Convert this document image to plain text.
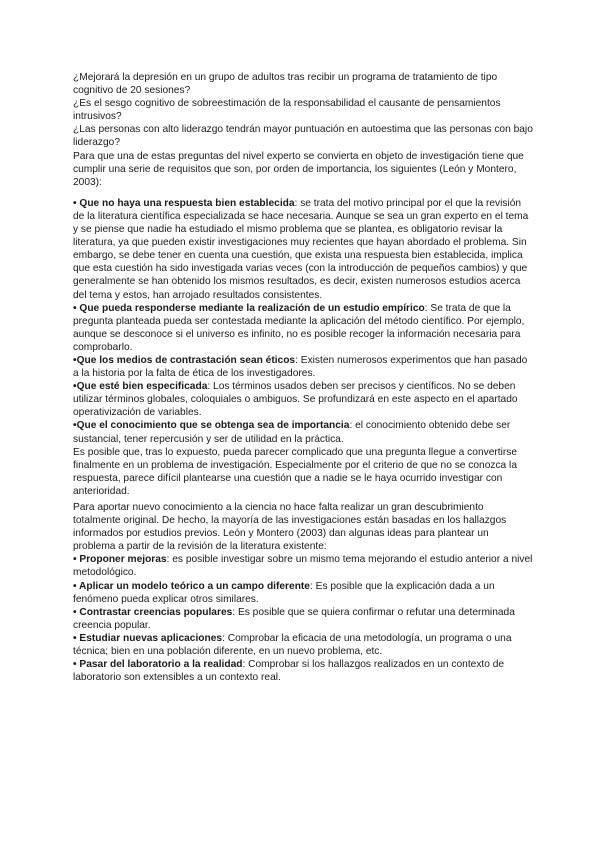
¿Mejorará la depresión en un grupo de adultos tras recibir un programa de tratamiento de tipo cognitivo de 20 sesiones?

¿Es el sesgo cognitivo de sobreestimación de la responsabilidad el causante de pensamientos intrusivos?

¿Las personas con alto liderazgo tendrán mayor puntuación en autoestima que las personas con bajo liderazgo?

Para que una de estas preguntas del nivel experto se convierta en objeto de investigación tiene que cumplir una serie de requisitos que son, por orden de importancia, los siguientes (León y Montero, 2003):

• Que no haya una respuesta bien establecida: se trata del motivo principal por el que la revisión de la literatura científica especializada se hace necesaria. Aunque se sea un gran experto en el tema y se piense que nadie ha estudiado el mismo problema que se plantea, es obligatorio revisar la literatura, ya que pueden existir investigaciones muy recientes que hayan abordado el problema. Sin embargo, se debe tener en cuenta una cuestión, que exista una respuesta bien establecida, implica que esta cuestión ha sido investigada varias veces (con la introducción de pequeños cambios) y que generalmente se han obtenido los mismos resultados, es decir, existen numerosos estudios acerca del tema y estos, han arrojado resultados consistentes.

• Que pueda responderse mediante la realización de un estudio empírico: Se trata de que la pregunta planteada pueda ser contestada mediante la aplicación del método científico. Por ejemplo, aunque se desconoce si el universo es infinito, no es posible recoger la información necesaria para comprobarlo.

•Que los medios de contrastación sean éticos: Existen numerosos experimentos que han pasado a la historia por la falta de ética de los investigadores.

•Que esté bien especificada: Los términos usados deben ser precisos y científicos. No se deben utilizar términos globales, coloquiales o ambiguos. Se profundizará en este aspecto en el apartado operativización de variables.

•Que el conocimiento que se obtenga sea de importancia: el conocimiento obtenido debe ser sustancial, tener repercusión y ser de utilidad en la práctica.

Es posible que, tras lo expuesto, pueda parecer complicado que una pregunta llegue a convertirse finalmente en un problema de investigación. Especialmente por el criterio de que no se conozca la respuesta, parece difícil plantearse una cuestión que a nadie se le haya ocurrido investigar con anterioridad.

Para aportar nuevo conocimiento a la ciencia no hace falta realizar un gran descubrimiento totalmente original. De hecho, la mayoría de las investigaciones están basadas en los hallazgos informados por estudios previos. León y Montero (2003) dan algunas ideas para plantear un problema a partir de la revisión de la literatura existente:

• Proponer mejoras: es posible investigar sobre un mismo tema mejorando el estudio anterior a nivel metodológico.

• Aplicar un modelo teórico a un campo diferente: Es posible que la explicación dada a un fenómeno pueda explicar otros similares.

• Contrastar creencias populares: Es posible que se quiera confirmar o refutar una determinada creencia popular.

• Estudiar nuevas aplicaciones: Comprobar la eficacia de una metodología, un programa o una técnica; bien en una población diferente, en un nuevo problema, etc.

• Pasar del laboratorio a la realidad: Comprobar si los hallazgos realizados en un contexto de laboratorio son extensibles a un contexto real.
